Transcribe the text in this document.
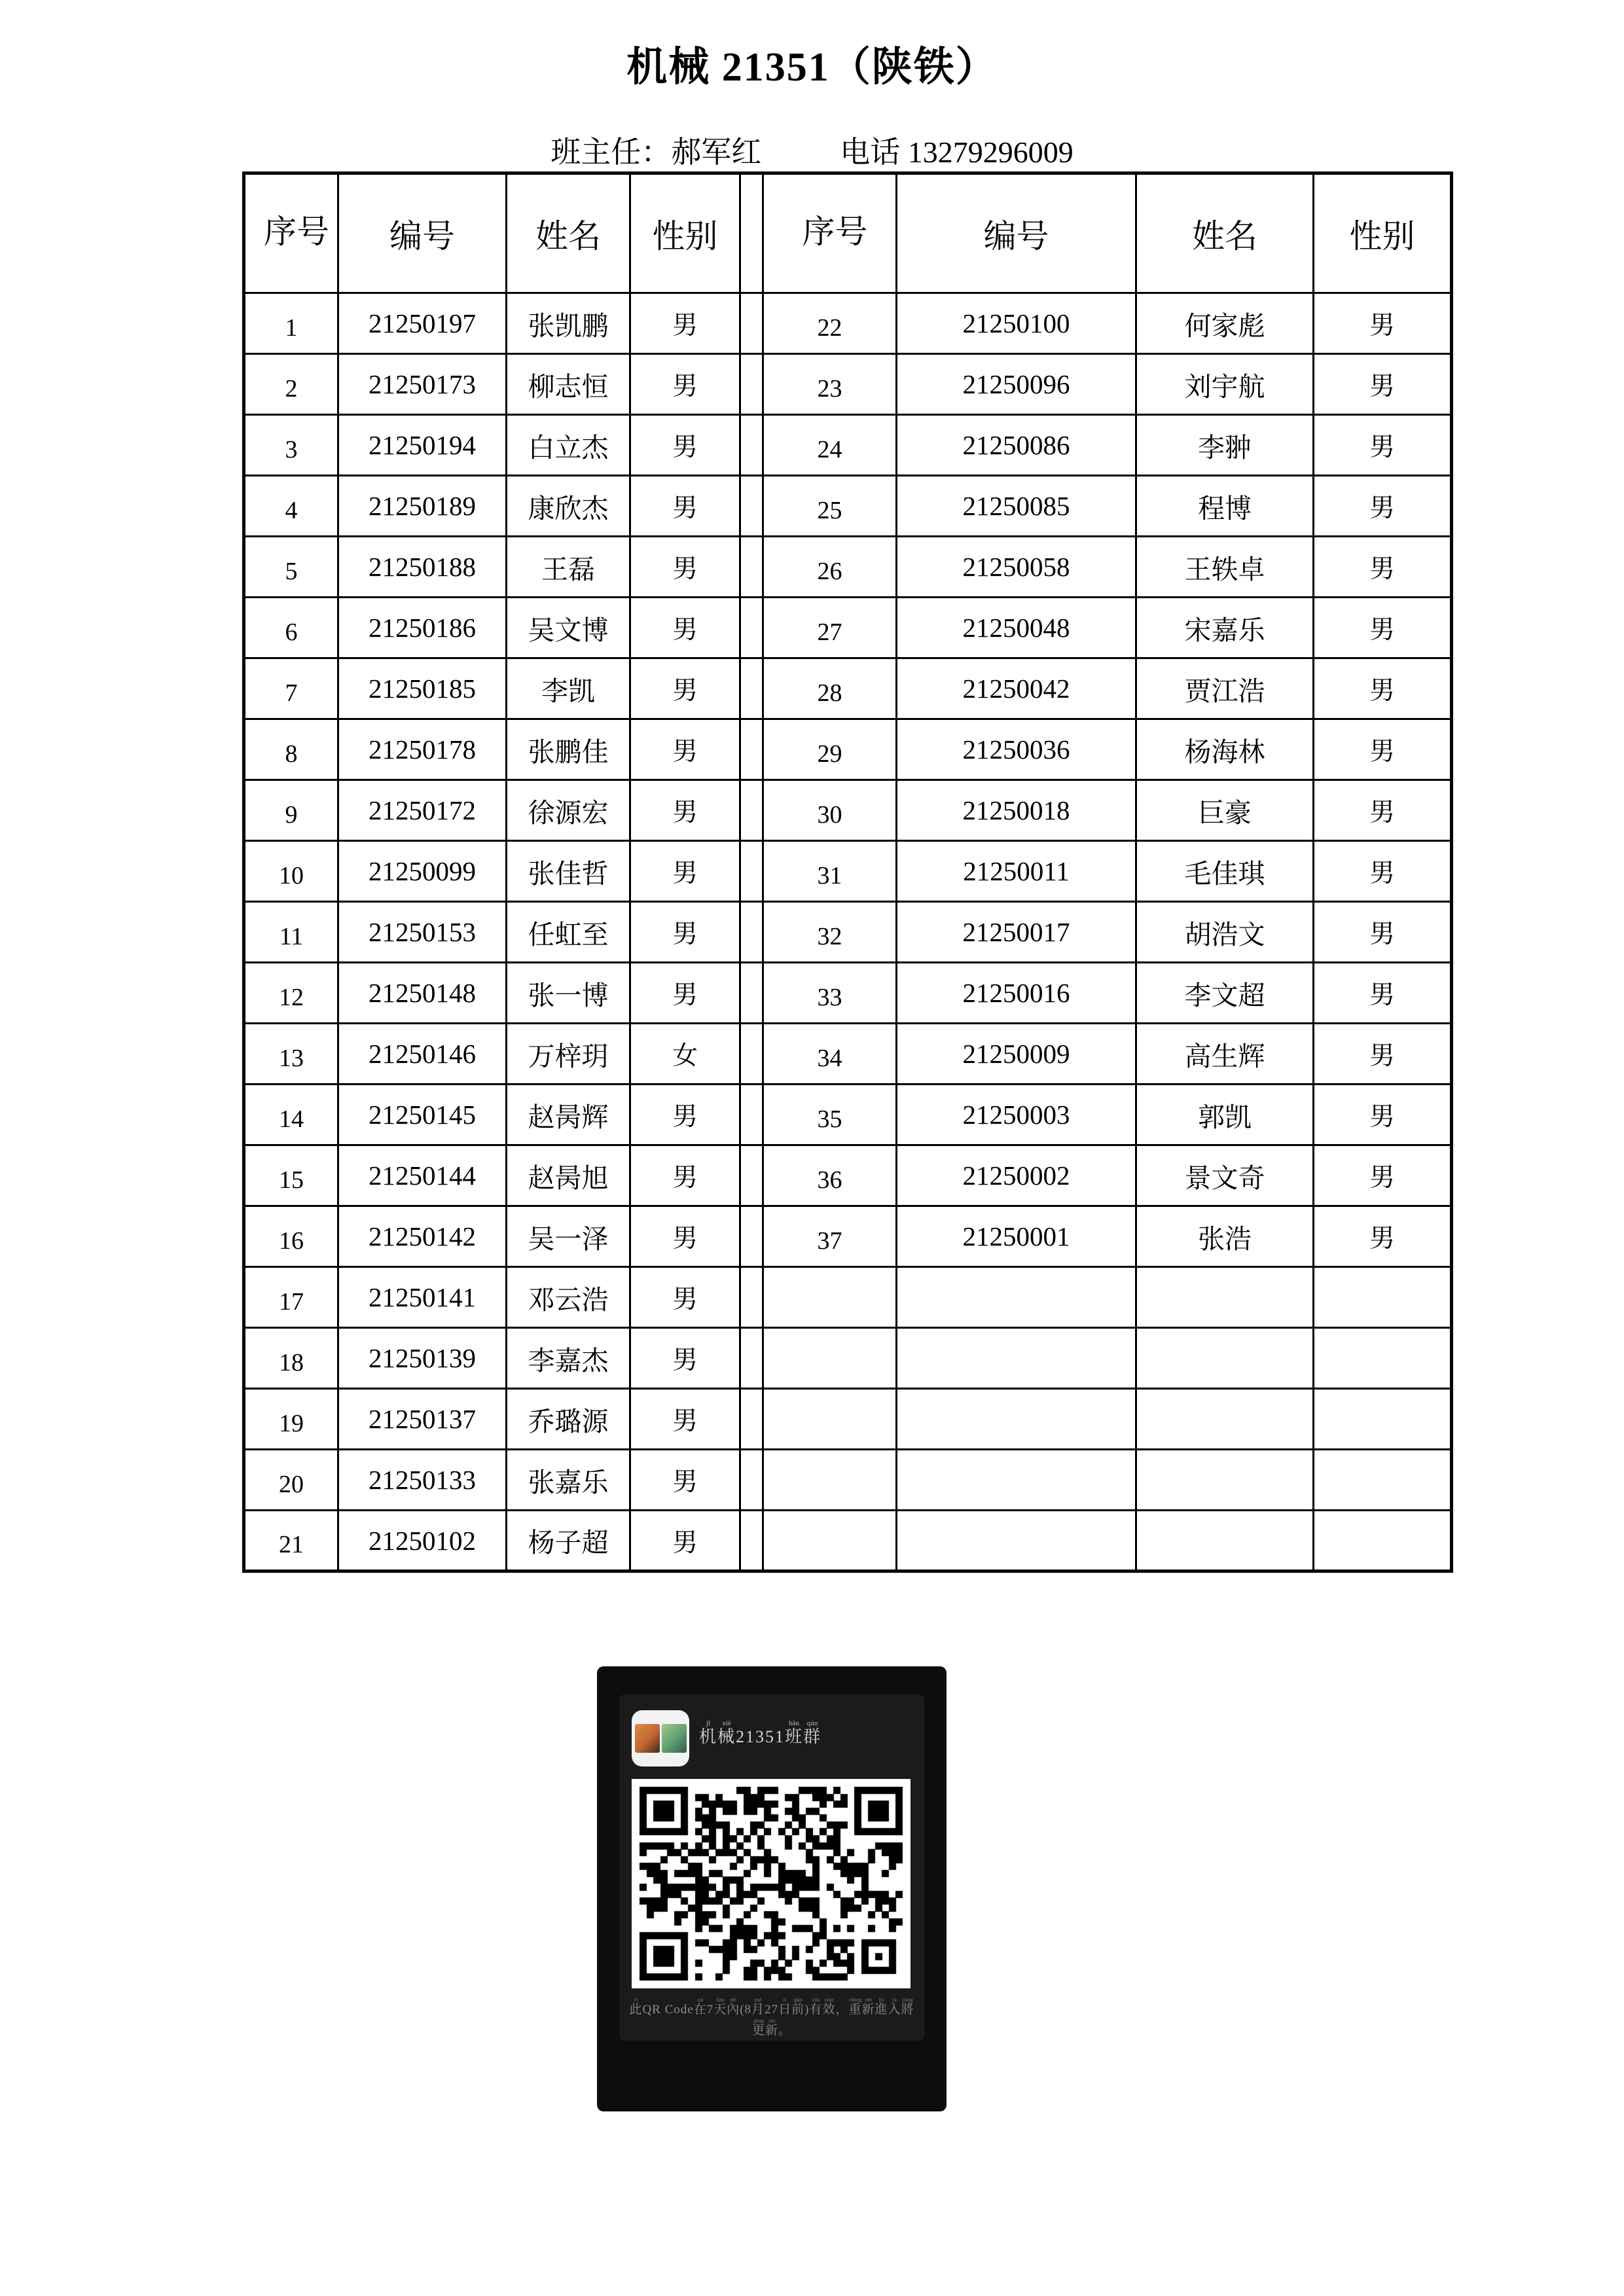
机械 21351（陕铁）
班主任：郝军红	电话 13279296009
序号	编号	姓名	性别		序号	编号	姓名	性别
1	21250197	张凯鹏	男		22	21250100	何家彪	男
2	21250173	柳志恒	男		23	21250096	刘宇航	男
3	21250194	白立杰	男		24	21250086	李翀	男
4	21250189	康欣杰	男		25	21250085	程博	男
5	21250188	王磊	男		26	21250058	王轶卓	男
6	21250186	吴文博	男		27	21250048	宋嘉乐	男
7	21250185	李凯	男		28	21250042	贾江浩	男
8	21250178	张鹏佳	男		29	21250036	杨海林	男
9	21250172	徐源宏	男		30	21250018	巨豪	男
10	21250099	张佳哲	男		31	21250011	毛佳琪	男
11	21250153	任虹至	男		32	21250017	胡浩文	男
12	21250148	张一博	男		33	21250016	李文超	男
13	21250146	万梓玥	女		34	21250009	高生辉	男
14	21250145	赵昺辉	男		35	21250003	郭凯	男
15	21250144	赵昺旭	男		36	21250002	景文奇	男
16	21250142	吴一泽	男		37	21250001	张浩	男
17	21250141	邓云浩	男					
18	21250139	李嘉杰	男					
19	21250137	乔璐源	男					
20	21250133	张嘉乐	男					
21	21250102	杨子超	男					
机jī械xiè21351班bān群qún
此cǐQR Code在zài7天tiān內nèi(8月yuè27日rì前qián)有yǒu效xiào，重chóng新xīn進jìn入rù將jiāng更gèng新xīn。
